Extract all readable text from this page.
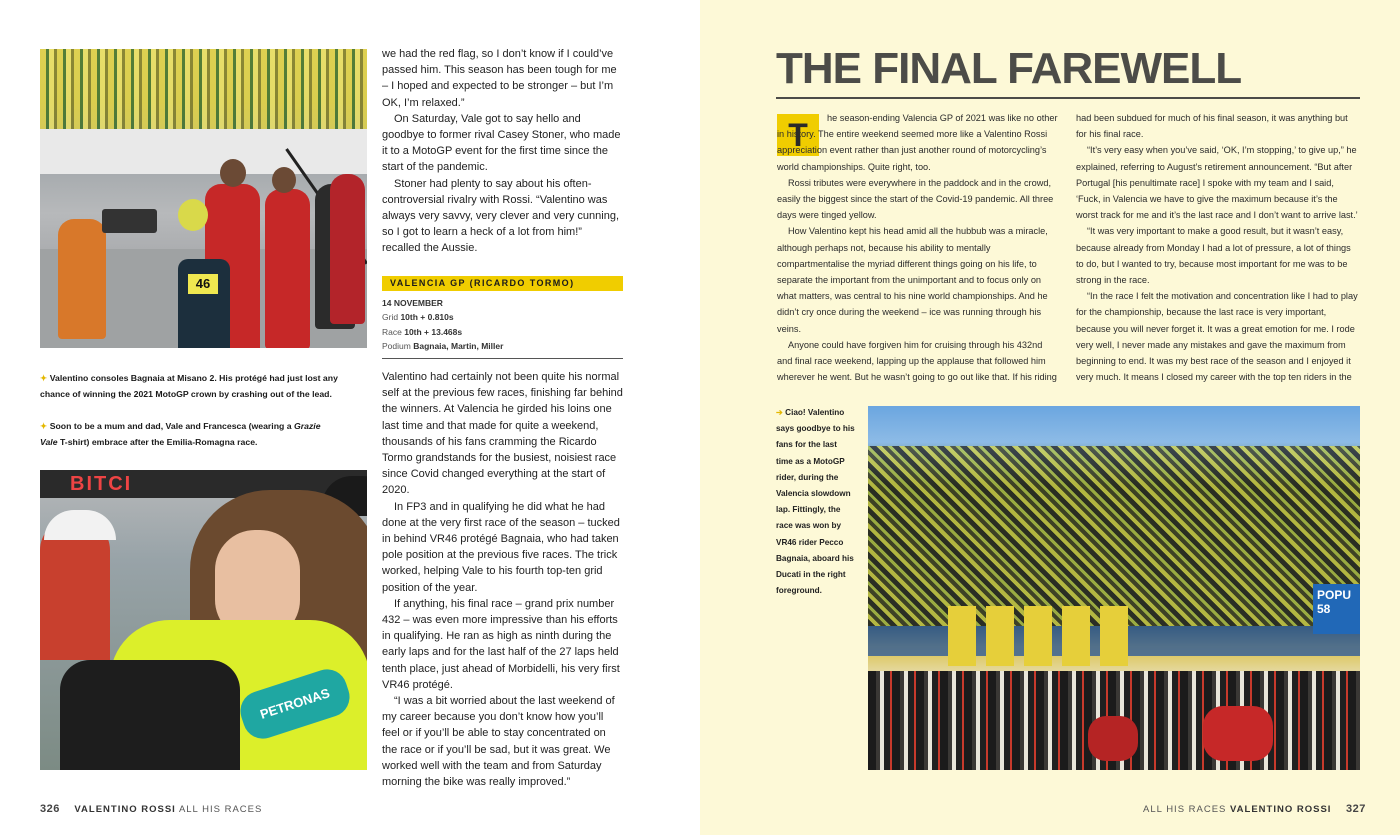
46
✦ Valentino consoles Bagnaia at Misano 2. His protégé had just lost any chance of winning the 2021 MotoGP crown by crashing out of the lead.
✦ Soon to be a mum and dad, Vale and Francesca (wearing a Grazie Vale T-shirt) embrace after the Emilia-Romagna race.
BITCI
PETRONAS

we had the red flag, so I don’t know if I could’ve passed him. This season has been tough for me – I hoped and expected to be stronger – but I’m OK, I’m relaxed.”

On Saturday, Vale got to say hello and goodbye to former rival Casey Stoner, who made it to a MotoGP event for the first time since the start of the pandemic.

Stoner had plenty to say about his often-controversial rivalry with Rossi. “Valentino was always very savvy, very clever and very cunning, so I got to learn a heck of a lot from him!” recalled the Aussie.

VALENCIA GP (RICARDO TORMO)
14 NOVEMBER
Grid 10th + 0.810s
Race 10th + 13.468s
Podium Bagnaia, Martin, Miller

Valentino had certainly not been quite his normal self at the previous few races, finishing far behind the winners. At Valencia he girded his loins one last time and that made for quite a weekend, thousands of his fans cramming the Ricardo Tormo grandstands for the busiest, noisiest race since Covid changed everything at the start of 2020.

In FP3 and in qualifying he did what he had done at the very first race of the season – tucked in behind VR46 protégé Bagnaia, who had taken pole position at the previous five races. The trick worked, helping Vale to his fourth top-ten grid position of the year.

If anything, his final race – grand prix number 432 – was even more impressive than his efforts in qualifying. He ran as high as ninth during the early laps and for the last half of the 27 laps held tenth place, just ahead of Morbidelli, his very first VR46 protégé.

“I was a bit worried about the last weekend of my career because you don’t know how you’ll feel or if you’ll be able to stay concentrated on the race or if you’ll be sad, but it was great. We worked well with the team and from Saturday morning the bike was really improved.”

326 VALENTINO ROSSI ALL HIS RACES
THE FINAL FAREWELL
T	he season-ending Valencia GP of 2021 was like no other in history. The entire weekend seemed more like a Valentino Rossi appreciation event rather than just another round of motorcycling’s world championships. Quite right, too.

Rossi tributes were everywhere in the paddock and in the crowd, easily the biggest since the start of the Covid-19 pandemic. All three days were tinged yellow.

How Valentino kept his head amid all the hubbub was a miracle, although perhaps not, because his ability to mentally compartmentalise the myriad different things going on his life, to separate the important from the unimportant and to focus only on what matters, was central to his nine world championships. And he didn’t cry once during the weekend – ice was running through his veins.

Anyone could have forgiven him for cruising through his 432nd and final race weekend, lapping up the applause that followed him wherever he went. But he wasn’t going to go out like that. If his riding

had been subdued for much of his final season, it was anything but for his final race.

“It’s very easy when you’ve said, ‘OK, I’m stopping,’ to give up,” he explained, referring to August’s retirement announcement. “But after Portugal [his penultimate race] I spoke with my team and I said, ‘Fuck, in Valencia we have to give the maximum because it’s the worst track for me and it’s the last race and I don’t want to arrive last.’

“It was very important to make a good result, but it wasn’t easy, because already from Monday I had a lot of pressure, a lot of things to do, but I wanted to try, because most important for me was to be strong in the race.

“In the race I felt the motivation and concentration like I had to play for the championship, because the last race is very important, because you will never forget it. It was a great emotion for me. I rode very well, I never made any mistakes and gave the maximum from beginning to end. It was my best race of the season and I enjoyed it very much. It means I closed my career with the top ten riders in the

➔ Ciao! Valentino says goodbye to his fans for the last time as a MotoGP rider, during the Valencia slowdown lap. Fittingly, the race was won by VR46 rider Pecco Bagnaia, aboard his Ducati in the right foreground.	POPU 58
ALL HIS RACES VALENTINO ROSSI 327
